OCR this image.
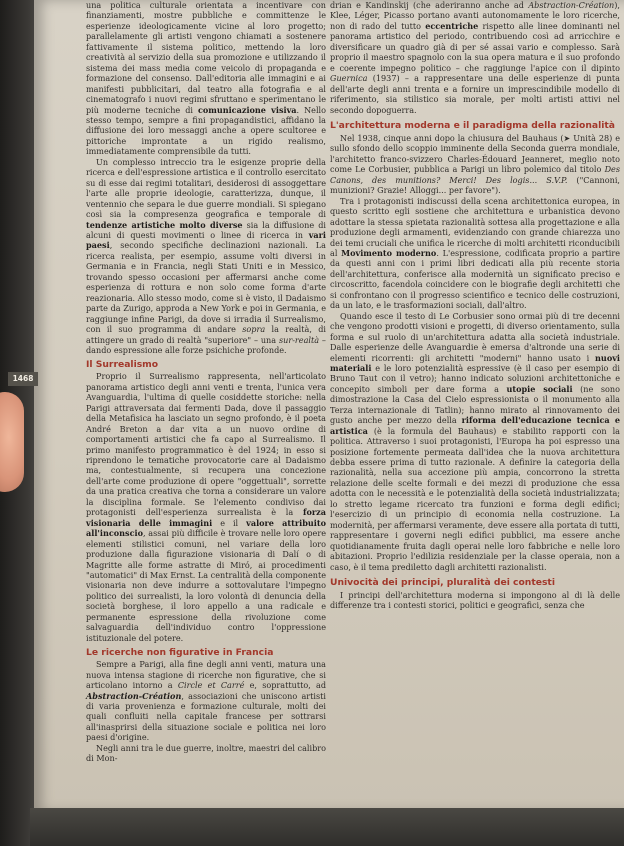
una politica culturale orientata a incentivare con finanziamenti, mostre pubbliche e committenze le esperienze ideologicamente vicine al loro progetto; parallelamente gli artisti vengono chiamati a sostenere fattivamente il sistema politico, mettendo la loro creatività al servizio della sua promozione e utilizzando il sistema dei mass media come veicolo di propaganda e formazione del consenso. Dall'editoria alle immagini e ai manifesti pubblicitari, dal teatro alla fotografia e al cinematografo i nuovi regimi sfruttano e sperimentano le più moderne tecniche di comunicazione visiva. Nello stesso tempo, sempre a fini propagandistici, affidano la diffusione dei loro messaggi anche a opere scultoree e pittoriche improntate a un rigido realismo, immediatamente comprensibile da tutti.

Un complesso intreccio tra le esigenze proprie della ricerca e dell'espressione artistica e il controllo esercitato su di esse dai regimi totalitari, desiderosi di assoggettare l'arte alle proprie ideologie, caratterizza, dunque, il ventennio che separa le due guerre mondiali. Si spiegano così sia la compresenza geografica e temporale di tendenze artistiche molto diverse sia la diffusione di alcuni di questi movimenti o linee di ricerca in vari paesi, secondo specifiche declinazioni nazionali. La ricerca realista, per esempio, assume volti diversi in Germania e in Francia, negli Stati Uniti e in Messico, trovando spesso occasioni per affermarsi anche come esperienza di rottura e non solo come forma d'arte reazionaria. Allo stesso modo, come si è visto, il Dadaismo parte da Zurigo, approda a New York e poi in Germania, e raggiunge infine Parigi, da dove si irradia il Surrealismo, con il suo programma di andare sopra la realtà, di attingere un grado di realtà "superiore" – una sur-realtà – dando espressione alle forze psichiche profonde.

Il Surrealismo

Proprio il Surrealismo rappresenta, nell'articolato panorama artistico degli anni venti e trenta, l'unica vera Avanguardia, l'ultima di quelle cosiddette storiche: nella Parigi attraversata dai fermenti Dada, dove il passaggio della Metafisica ha lasciato un segno profondo, è il poeta André Breton a dar vita a un nuovo ordine di comportamenti artistici che fa capo al Surrealismo. Il primo manifesto programmatico è del 1924; in esso si riprendono le tematiche provocatorie care al Dadaismo ma, contestualmente, si recupera una concezione dell'arte come produzione di opere "oggettuali", sorrette da una pratica creativa che torna a considerare un valore la disciplina formale. Se l'elemento condiviso dai protagonisti dell'esperienza surrealista è la forza visionaria delle immagini e il valore attribuito all'inconscio, assai più difficile è trovare nelle loro opere elementi stilistici comuni, nel variare della loro produzione dalla figurazione visionaria di Dalí o di Magritte alle forme astratte di Miró, ai procedimenti "automatici" di Max Ernst. La centralità della componente visionaria non deve indurre a sottovalutare l'impegno politico dei surrealisti, la loro volontà di denuncia della società borghese, il loro appello a una radicale e permanente espressione della rivoluzione come salvaguardia dell'individuo contro l'oppressione istituzionale del potere.

Le ricerche non figurative in Francia

Sempre a Parigi, alla fine degli anni venti, matura una nuova intensa stagione di ricerche non figurative, che si articolano intorno a Circle et Carré e, soprattutto, ad Abstraction-Création, associazioni che uniscono artisti di varia provenienza e formazione culturale, molti dei quali confluiti nella capitale francese per sottrarsi all'inasprirsi della situazione sociale e politica nei loro paesi d'origine.

Negli anni tra le due guerre, inoltre, maestri del calibro di Mon-

drian e Kandinskij (che aderiranno anche ad Abstraction-Création), Klee, Léger, Picasso portano avanti autonomamente le loro ricerche, non di rado del tutto eccentriche rispetto alle linee dominanti nel panorama artistico del periodo, contribuendo così ad arricchire e diversificare un quadro già di per sé assai vario e complesso. Sarà proprio il maestro spagnolo con la sua opera matura e il suo profondo e coerente impegno politico – che raggiunge l'apice con il dipinto Guernica (1937) – a rappresentare una delle esperienze di punta dell'arte degli anni trenta e a fornire un imprescindibile modello di riferimento, sia stilistico sia morale, per molti artisti attivi nel secondo dopoguerra.

L'architettura moderna e il paradigma della razionalità

Nel 1938, cinque anni dopo la chiusura del Bauhaus (➤ Unità 28) e sullo sfondo dello scoppio imminente della Seconda guerra mondiale, l'architetto franco-svizzero Charles-Édouard Jeanneret, meglio noto come Le Corbusier, pubblica a Parigi un libro polemico dal titolo Des Canons, des munitions? Merci! Des logis... S.V.P. ("Cannoni, munizioni? Grazie! Alloggi... per favore").

Tra i protagonisti indiscussi della scena architettonica europea, in questo scritto egli sostiene che architettura e urbanistica devono adottare la stessa spietata razionalità sottesa alla progettazione e alla produzione degli armamenti, evidenziando con grande chiarezza uno dei temi cruciali che unifica le ricerche di molti architetti riconducibili al Movimento moderno. L'espressione, codificata proprio a partire da questi anni con i primi libri dedicati alla più recente storia dell'architettura, conferisce alla modernità un significato preciso e circoscritto, facendola coincidere con le biografie degli architetti che si confrontano con il progresso scientifico e tecnico delle costruzioni, da un lato, e le trasformazioni sociali, dall'altro.

Quando esce il testo di Le Corbusier sono ormai più di tre decenni che vengono prodotti visioni e progetti, di diverso orientamento, sulla forma e sul ruolo di un'architettura adatta alla società industriale. Dalle esperienze delle Avanguardie è emersa d'altronde una serie di elementi ricorrenti: gli architetti "moderni" hanno usato i nuovi materiali e le loro potenzialità espressive (è il caso per esempio di Bruno Taut con il vetro); hanno indicato soluzioni architettoniche e concepito simboli per dare forma a utopie sociali (ne sono dimostrazione la Casa del Cielo espressionista o il monumento alla Terza internazionale di Tatlin); hanno mirato al rinnovamento dei gusto anche per mezzo della riforma dell'educazione tecnica e artistica (è la formula del Bauhaus) e stabilito rapporti con la politica. Attraverso i suoi protagonisti, l'Europa ha poi espresso una posizione fortemente permeata dall'idea che la nuova architettura debba essere prima di tutto razionale. A definire la categoria della razionalità, nella sua accezione più ampia, concorrono la stretta relazione delle scelte formali e dei mezzi di produzione che essa adotta con le necessità e le potenzialità della società industrializzata; lo stretto legame ricercato tra funzioni e forma degli edifici; l'esercizio di un principio di economia nella costruzione. La modernità, per affermarsi veramente, deve essere alla portata di tutti, rappresentare i governi negli edifici pubblici, ma essere anche quotidianamente fruita dagli operai nelle loro fabbriche e nelle loro abitazioni. Proprio l'edilizia residenziale per la classe operaia, non a caso, è il tema prediletto dagli architetti razionalisti.

Univocità dei principi, pluralità dei contesti

I principi dell'architettura moderna si impongono al di là delle differenze tra i contesti storici, politici e geografici, senza che

1468
